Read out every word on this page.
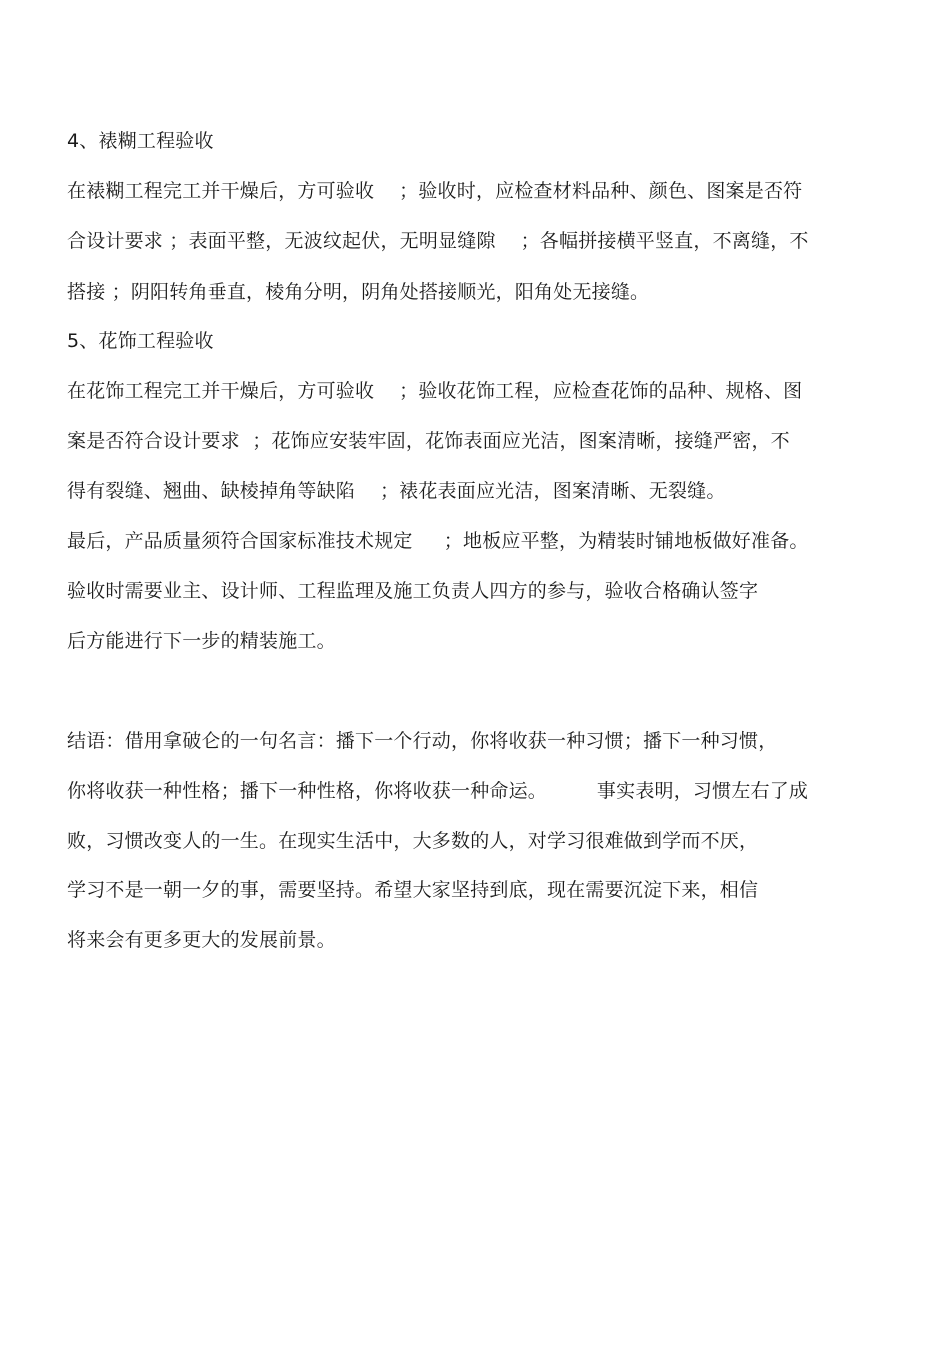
4、裱糊工程验收
在裱糊工程完工并干燥后，方可验收    ；验收时，应检查材料品种、颜色、图案是否符
合设计要求 ；表面平整，无波纹起伏，无明显缝隙    ；各幅拼接横平竖直，不离缝，不
搭接 ；阴阳转角垂直，棱角分明，阴角处搭接顺光，阳角处无接缝。
5、花饰工程验收
在花饰工程完工并干燥后，方可验收    ；验收花饰工程，应检查花饰的品种、规格、图
案是否符合设计要求  ；花饰应安装牢固，花饰表面应光洁，图案清晰，接缝严密，不
得有裂缝、翘曲、缺棱掉角等缺陷    ；裱花表面应光洁，图案清晰、无裂缝。
最后，产品质量须符合国家标准技术规定     ；地板应平整，为精装时铺地板做好准备。
验收时需要业主、设计师、工程监理及施工负责人四方的参与，验收合格确认签字
后方能进行下一步的精装施工。
结语：借用拿破仑的一句名言：播下一个行动，你将收获一种习惯；播下一种习惯，
你将收获一种性格；播下一种性格，你将收获一种命运。        事实表明，习惯左右了成
败，习惯改变人的一生。在现实生活中，大多数的人，对学习很难做到学而不厌，
学习不是一朝一夕的事，需要坚持。希望大家坚持到底，现在需要沉淀下来，相信
将来会有更多更大的发展前景。
